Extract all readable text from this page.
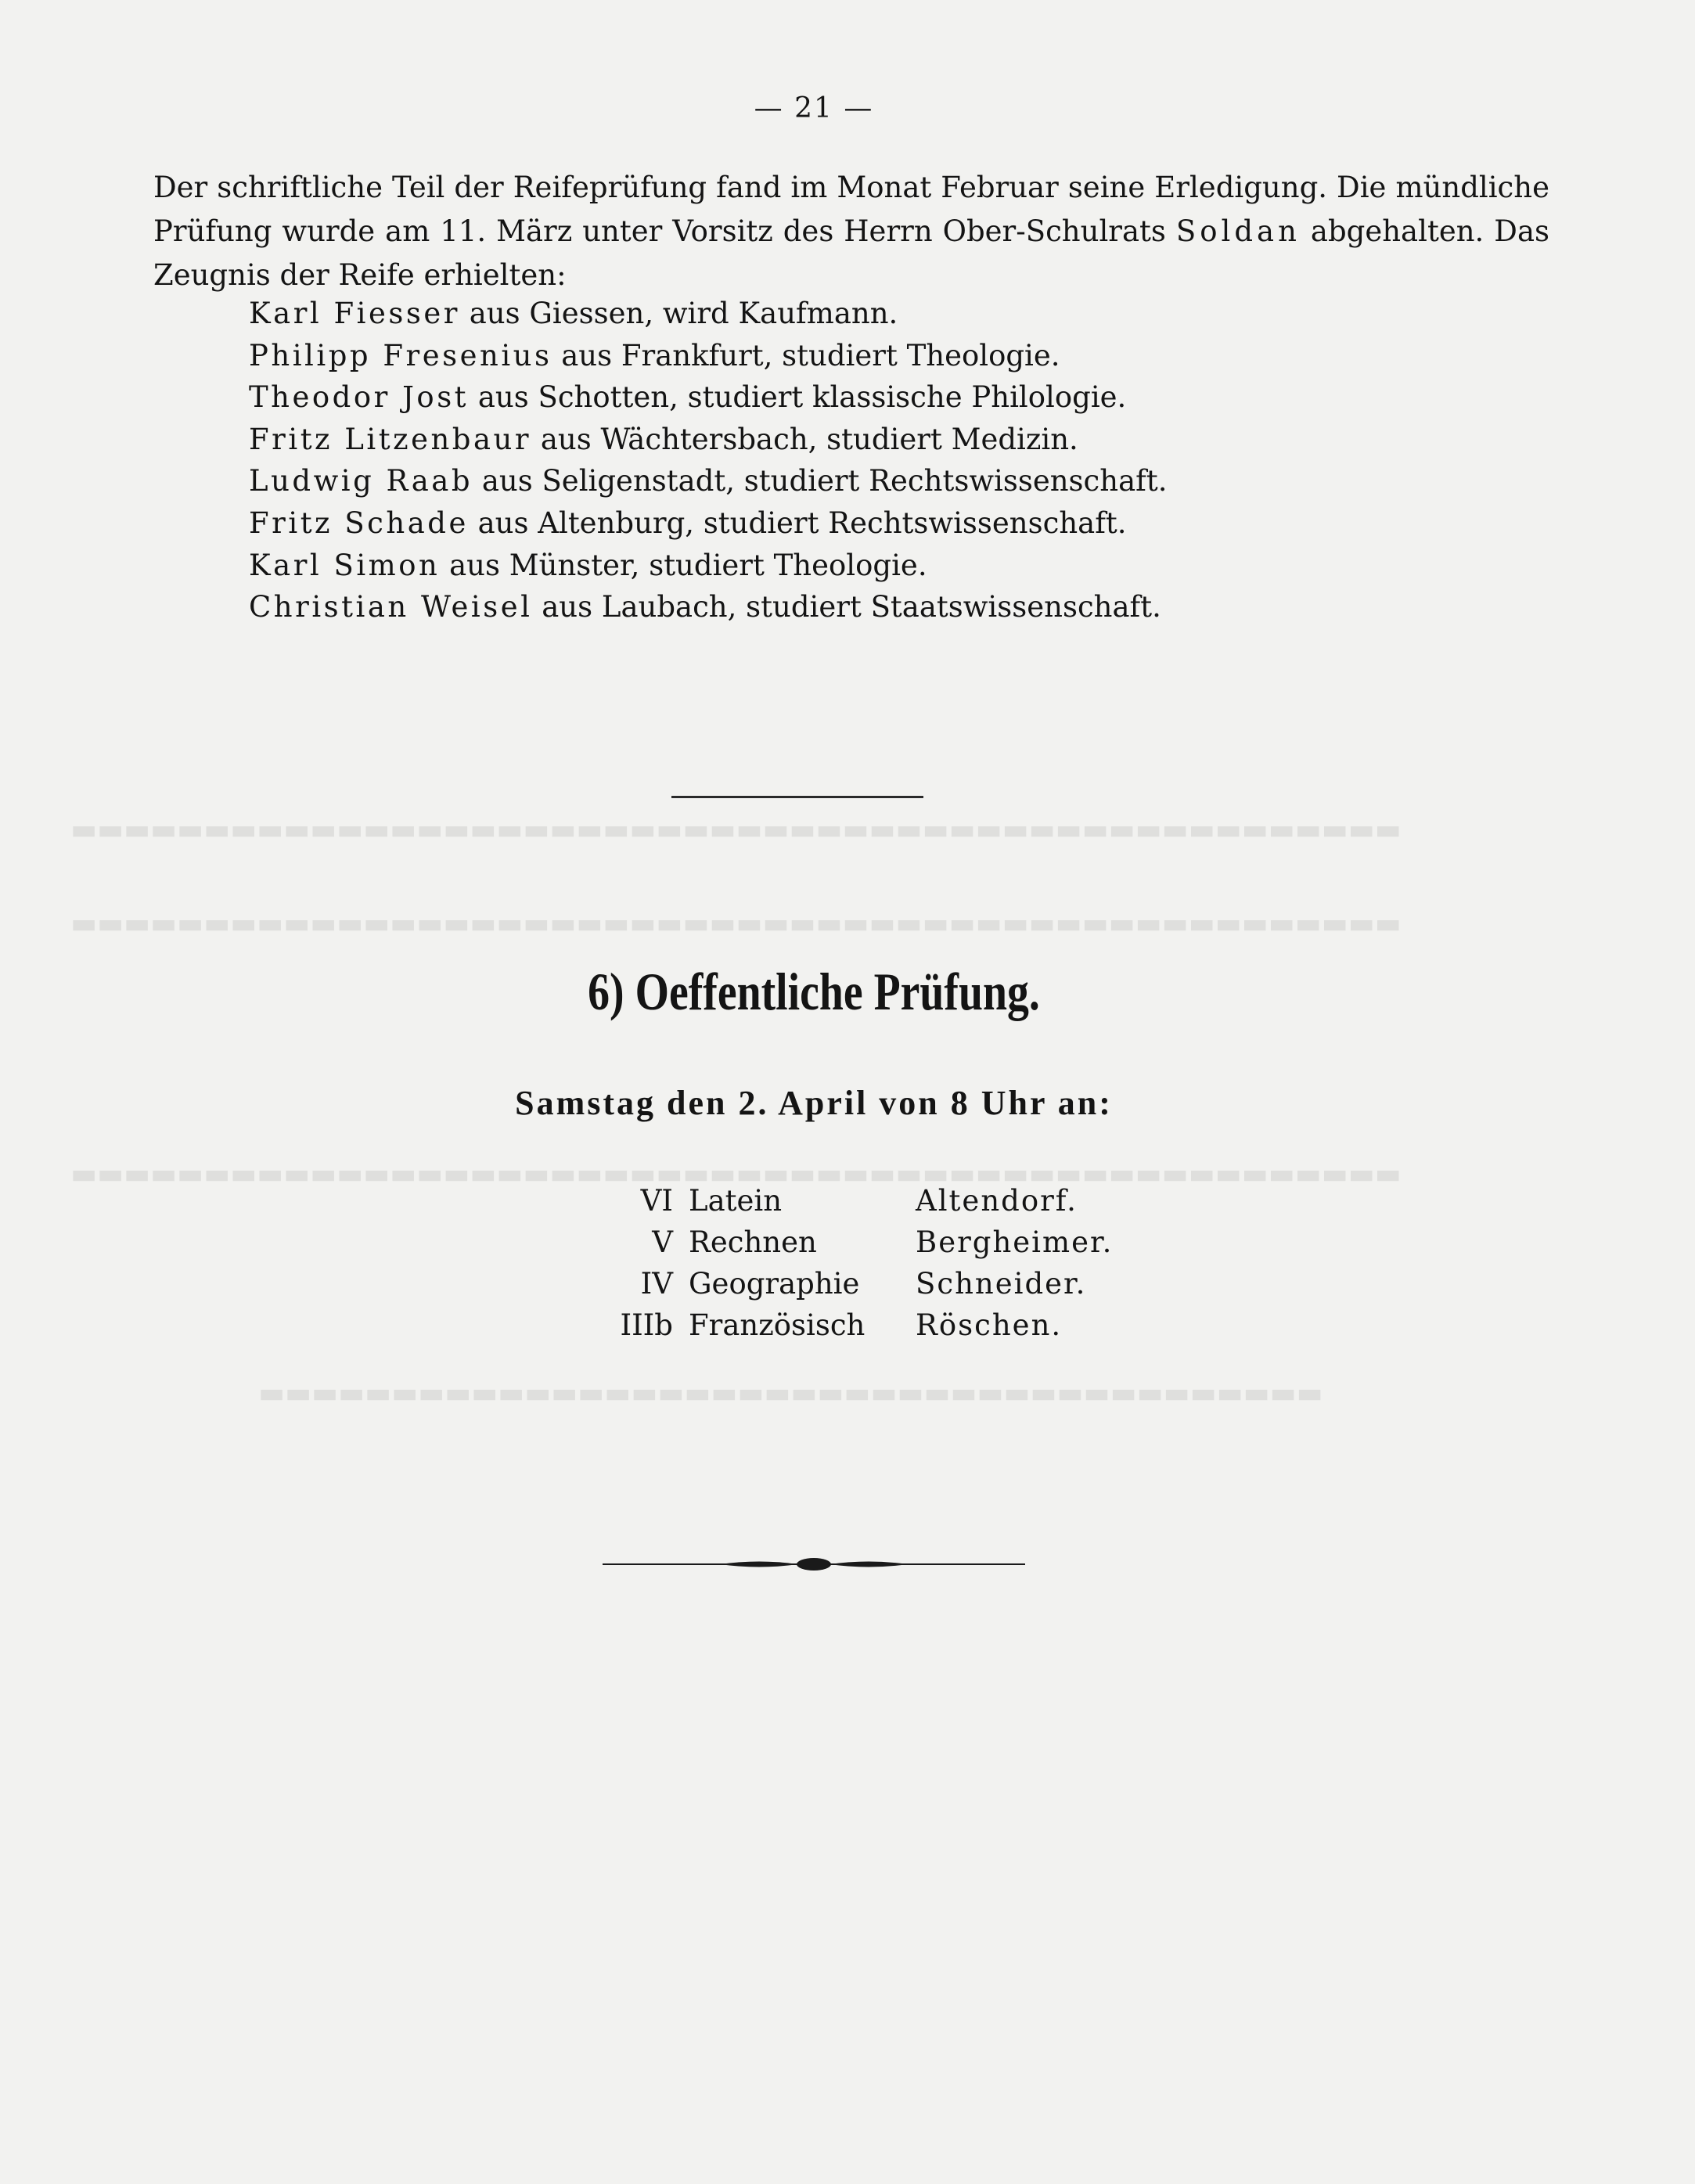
▬▬▬▬▬▬▬▬▬▬▬▬▬▬▬▬▬▬▬▬▬▬▬▬▬▬▬▬▬▬▬▬▬▬▬▬▬▬▬▬▬▬▬▬▬▬▬▬▬▬
▬▬▬▬▬▬▬▬▬▬▬▬▬▬▬▬▬▬▬▬▬▬▬▬▬▬▬▬▬▬▬▬▬▬▬▬▬▬▬▬▬▬▬▬▬▬▬▬▬▬
▬▬▬▬▬▬▬▬▬▬▬▬▬▬▬▬▬▬▬▬▬▬▬▬▬▬▬▬▬▬▬▬▬▬▬▬▬▬▬▬▬▬▬▬▬▬▬▬▬▬
▬▬▬▬▬▬▬▬▬▬▬▬▬▬▬▬▬▬▬▬▬▬▬▬▬▬▬▬▬▬▬▬▬▬▬▬▬▬▬▬
— 21 —

Der schriftliche Teil der Reifeprüfung fand im Monat Februar seine Erledigung. Die mündliche Prüfung wurde am 11. März unter Vorsitz des Herrn Ober-Schulrats Soldan abgehalten. Das Zeugnis der Reife erhielten:

Karl Fiesser aus Giessen, wird Kaufmann.
Philipp Fresenius aus Frankfurt, studiert Theologie.
Theodor Jost aus Schotten, studiert klassische Philologie.
Fritz Litzenbaur aus Wächtersbach, studiert Medizin.
Ludwig Raab aus Seligenstadt, studiert Rechtswissenschaft.
Fritz Schade aus Altenburg, studiert Rechtswissenschaft.
Karl Simon aus Münster, studiert Theologie.
Christian Weisel aus Laubach, studiert Staatswissenschaft.
6) Oeffentliche Prüfung.
Samstag den 2. April von 8 Uhr an:
VI	Latein	Altendorf.
V	Rechnen	Bergheimer.
IV	Geographie	Schneider.
IIIb	Französisch	Röschen.
